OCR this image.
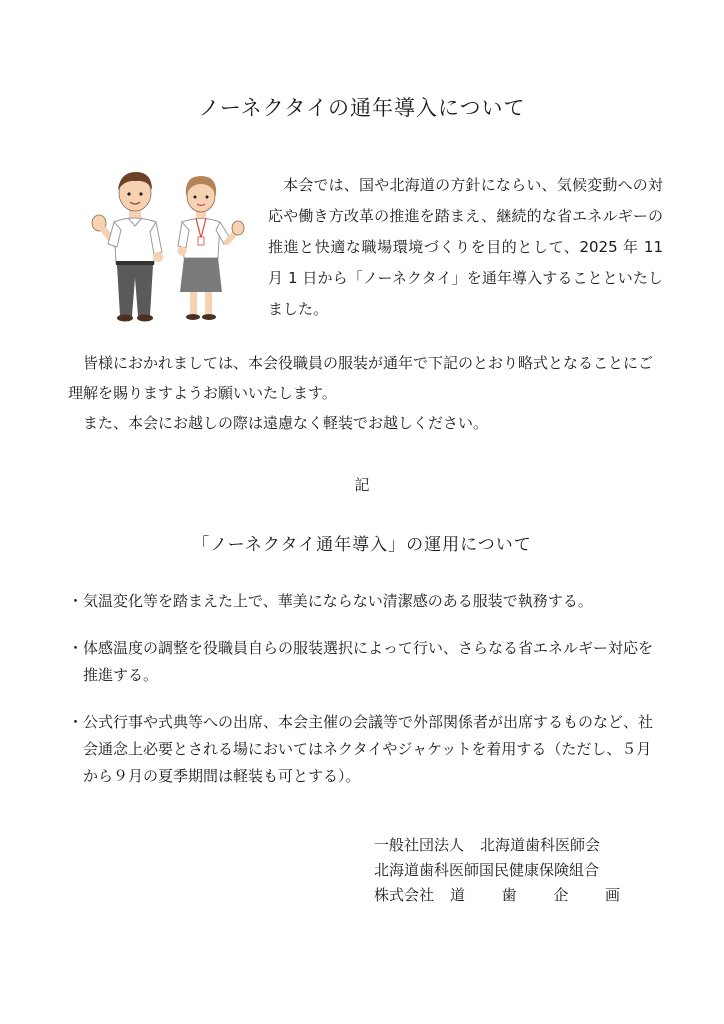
ノーネクタイの通年導入について

本会では、国や北海道の方針にならい、気候変動への対応や働き方改革の推進を踏まえ、継続的な省エネルギーの推進と快適な職場環境づくりを目的として、2025 年 11 月 1 日から「ノーネクタイ」を通年導入することといたしました。

皆様におかれましては、本会役職員の服装が通年で下記のとおり略式となることにご理解を賜りますようお願いいたします。

また、本会にお越しの際は遠慮なく軽装でお越しください。

記
「ノーネクタイ通年導入」の運用について
・ 気温変化等を踏まえた上で、華美にならない清潔感のある服装で執務する。
・ 体感温度の調整を役職員自らの服装選択によって行い、さらなる省エネルギー対応を推進する。
・ 公式行事や式典等への出席、本会主催の会議等で外部関係者が出席するものなど、社会通念上必要とされる場においてはネクタイやジャケットを着用する（ただし、５月から９月の夏季期間は軽装も可とする）。
一般社団法人 北海道歯科医師会
北海道歯科医師国民健康保険組合
株式会社 道 歯 企 画
